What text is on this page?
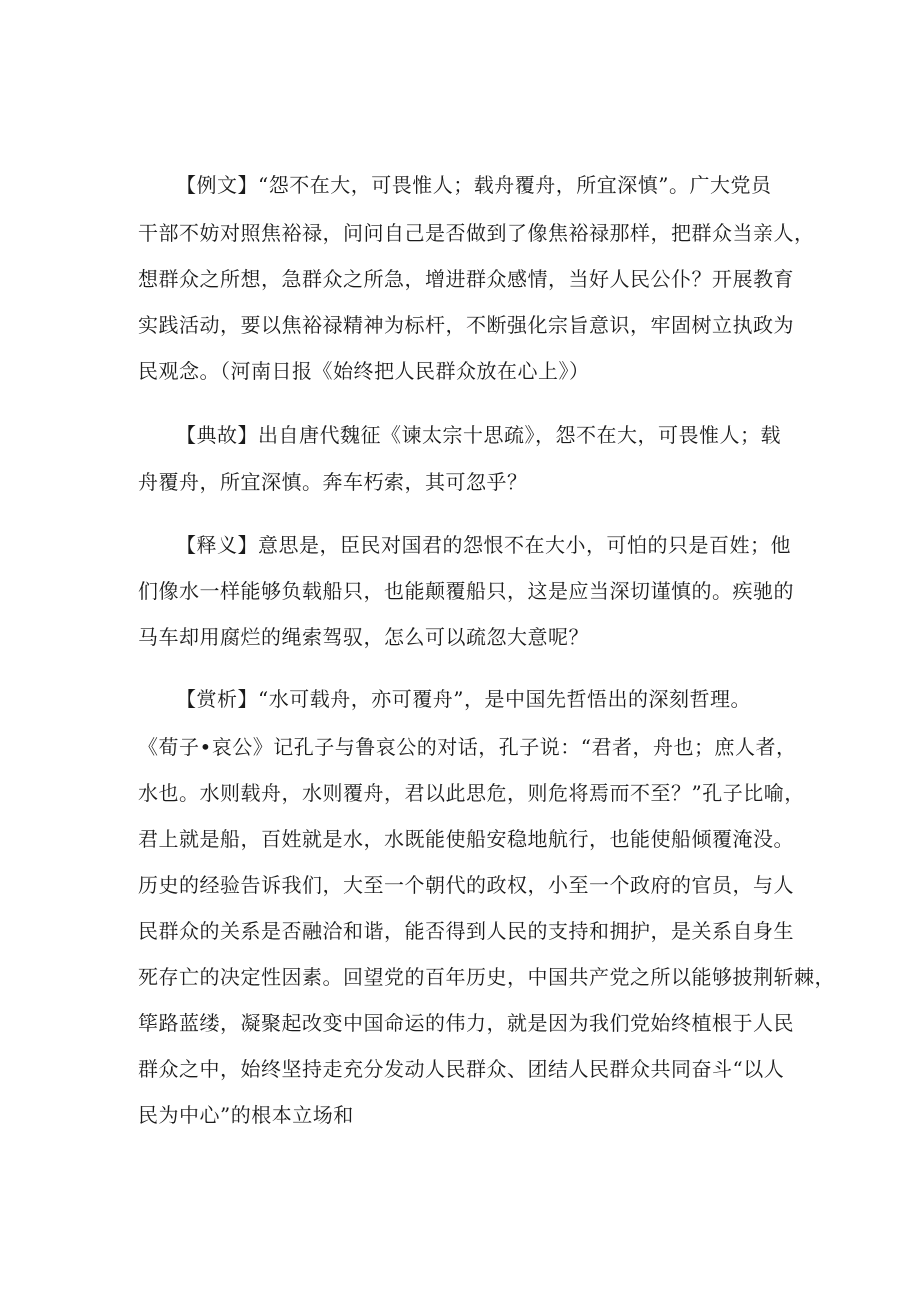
【例文】“怨不在大，可畏惟人；载舟覆舟，所宜深慎”。广大党员
干部不妨对照焦裕禄，问问自己是否做到了像焦裕禄那样，把群众当亲人，
想群众之所想，急群众之所急，增进群众感情，当好人民公仆？开展教育
实践活动，要以焦裕禄精神为标杆，不断强化宗旨意识，牢固树立执政为
民观念。（河南日报《始终把人民群众放在心上》）
【典故】出自唐代魏征《谏太宗十思疏》，怨不在大，可畏惟人；载
舟覆舟，所宜深慎。奔车朽索，其可忽乎？
【释义】意思是，臣民对国君的怨恨不在大小，可怕的只是百姓；他
们像水一样能够负载船只，也能颠覆船只，这是应当深切谨慎的。疾驰的
马车却用腐烂的绳索驾驭，怎么可以疏忽大意呢？
【赏析】“水可载舟，亦可覆舟”，是中国先哲悟出的深刻哲理。
《荀子•哀公》记孔子与鲁哀公的对话，孔子说：“君者，舟也；庶人者，
水也。水则载舟，水则覆舟，君以此思危，则危将焉而不至？”孔子比喻，
君上就是船，百姓就是水，水既能使船安稳地航行，也能使船倾覆淹没。
历史的经验告诉我们，大至一个朝代的政权，小至一个政府的官员，与人
民群众的关系是否融洽和谐，能否得到人民的支持和拥护，是关系自身生
死存亡的决定性因素。回望党的百年历史，中国共产党之所以能够披荆斩棘，
筚路蓝缕，凝聚起改变中国命运的伟力，就是因为我们党始终植根于人民
群众之中，始终坚持走充分发动人民群众、团结人民群众共同奋斗“以人
民为中心”的根本立场和
